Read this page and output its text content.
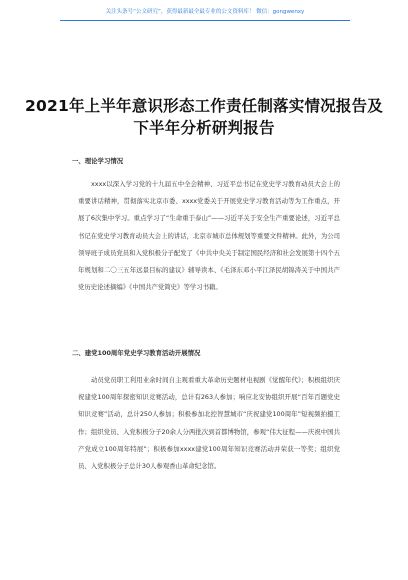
关注头条号“公文研究”，获得最新最全最专业的公文资料库！ 微信：gongwenxy
2021年上半年意识形态工作责任制落实情况报告及下半年分析研判报告
一、理论学习情况

xxxx以深入学习党的十九届五中全会精神、习近平总书记在党史学习教育动员大会上的重要讲话精神，贯彻落实北京市委、xxxx党委关于开展党史学习教育活动等为工作重点，开展了6次集中学习。重点学习了“生命重于泰山”——习近平关于安全生产重要论述，习近平总书记在党史学习教育动员大会上的讲话，北京市城市总体规划等重要文件精神。此外，为公司领导班子成员党员和入党积极分子配发了《中共中央关于制定国民经济和社会发展第十四个五年规划和二〇三五年远景目标的建议》辅导读本、《毛泽东邓小平江泽民胡锦涛关于中国共产党历史论述摘编》《中国共产党简史》等学习书籍。

二、建党100周年党史学习教育活动开展情况

动员党员职工利用业余时间自主观看重大革命历史题材电视剧《觉醒年代》；积极组织庆祝建党100周年探密知识竞赛活动，总计有263人参加；响应北安协组织开展“百年百题党史知识竞赛”活动，总计250人参加；积极参加北控智慧城市“庆祝建党100周年”短视频拍摄工作；组织党员、入党积极分子20余人分两批次到首都博物馆，参观“伟大征程——庆祝中国共产党成立100周年特展”；积极参加xxxx建党100周年知识竞赛活动并荣获一等奖；组织党员、入党积极分子总计30人参观香山革命纪念馆。
